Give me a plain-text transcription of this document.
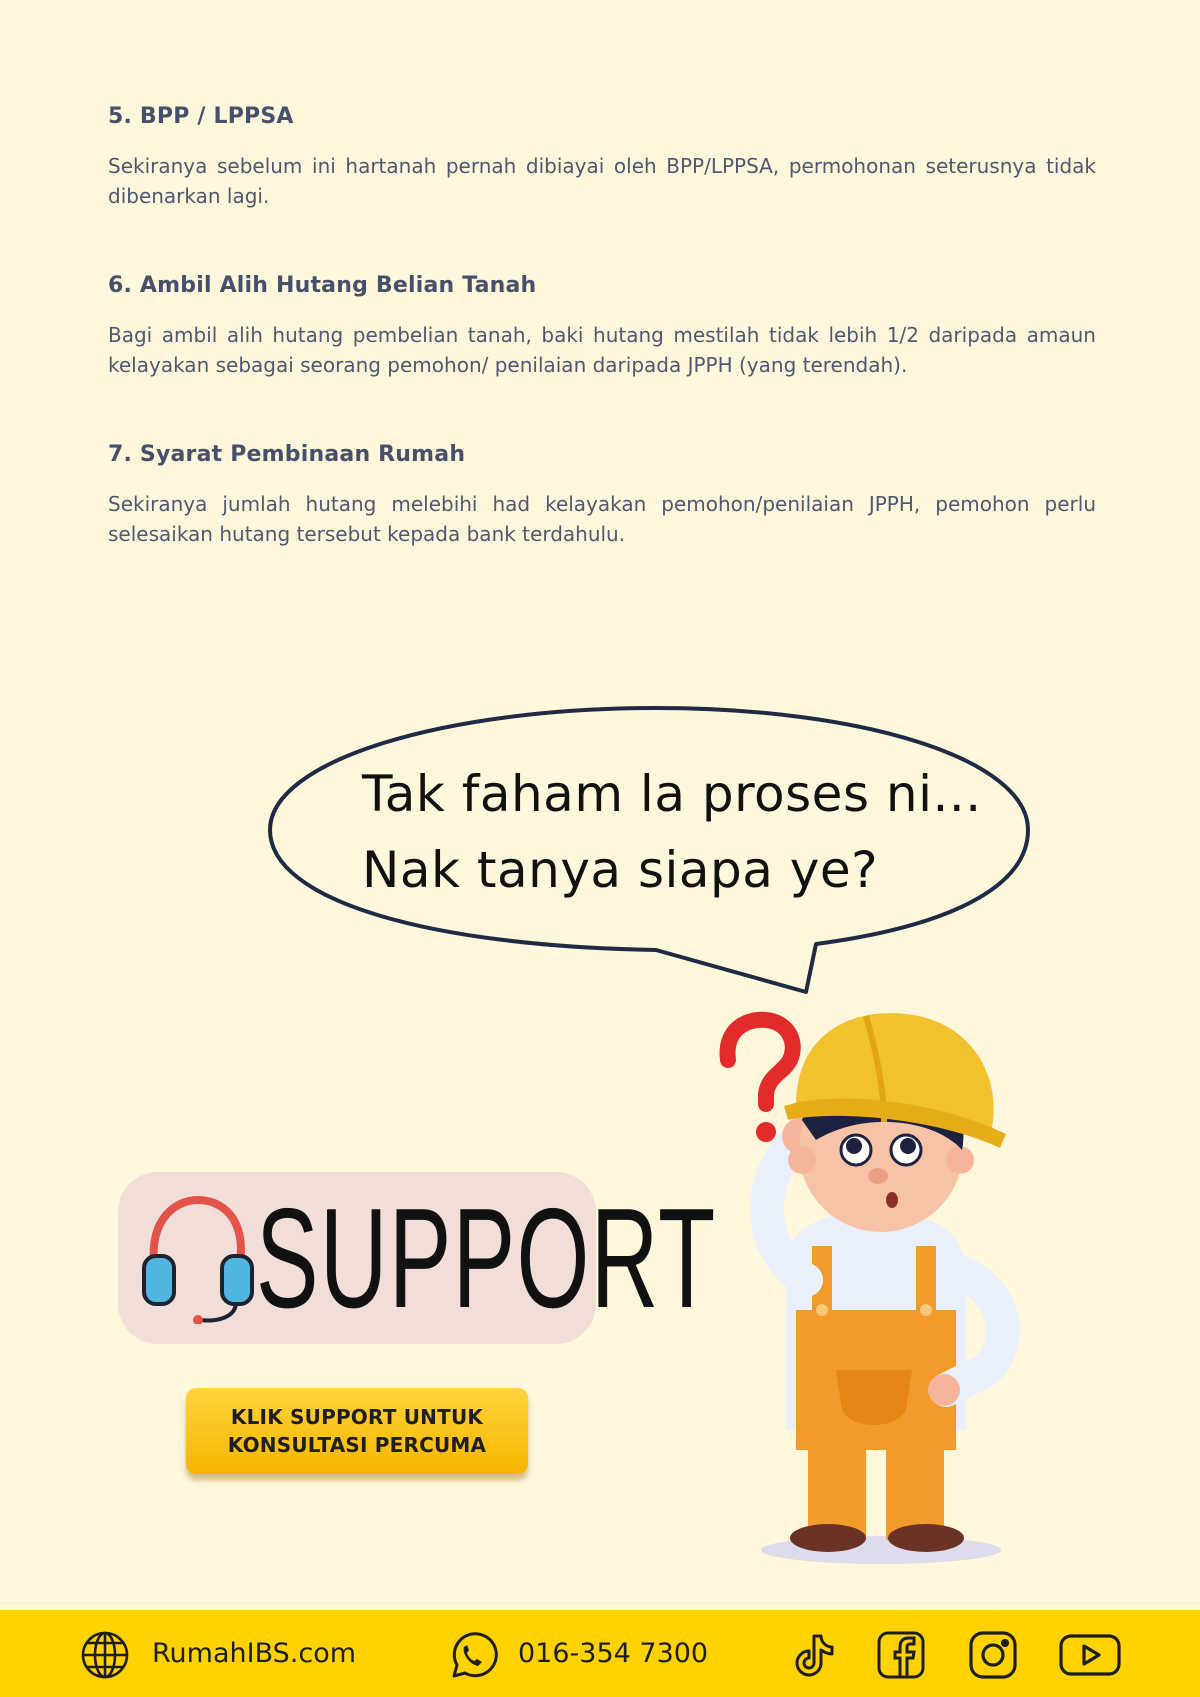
5. BPP / LPPSA

Sekiranya sebelum ini hartanah pernah dibiayai oleh BPP/LPPSA, permohonan seterusnya tidak dibenarkan lagi.

6. Ambil Alih Hutang Belian Tanah

Bagi ambil alih hutang pembelian tanah, baki hutang mestilah tidak lebih 1/2 daripada amaun kelayakan sebagai seorang pemohon/ penilaian daripada JPPH (yang terendah).

7. Syarat Pembinaan Rumah

Sekiranya jumlah hutang melebihi had kelayakan pemohon/penilaian JPPH, pemohon perlu selesaikan hutang tersebut kepada bank terdahulu.

Tak faham la proses ni...
Nak tanya siapa ye?
SUPPORT
KLIK SUPPORT UNTUK
KONSULTASI PERCUMA
RumahIBS.com	016-354 7300
